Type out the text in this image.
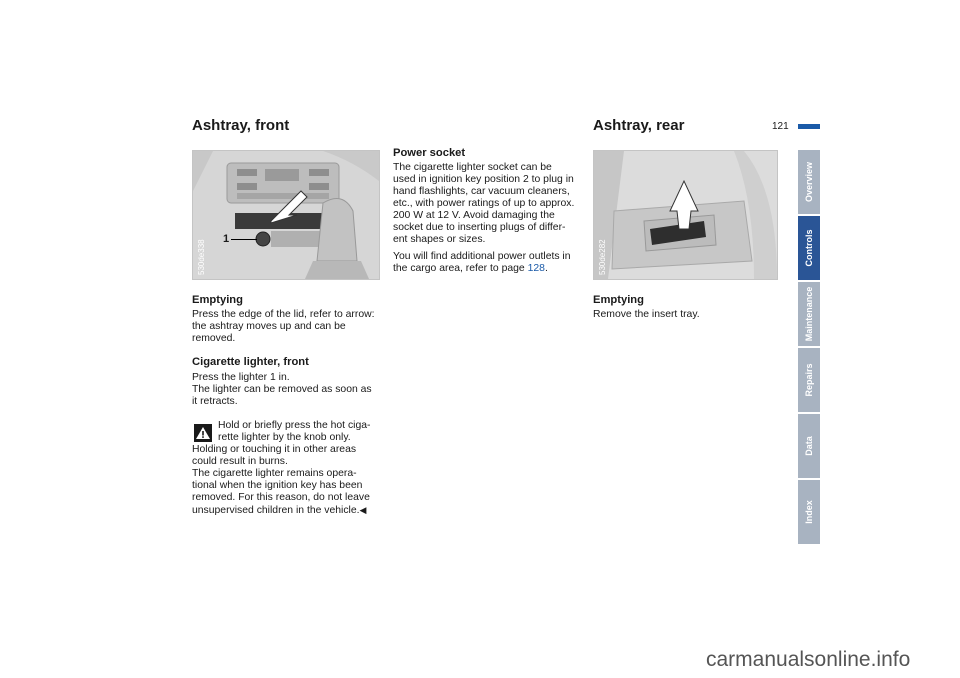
121
Ashtray, front
1
530de338
Emptying

Press the edge of the lid, refer to arrow:

the ashtray moves up and can be

removed.

Cigarette lighter, front

Press the lighter 1 in.

The lighter can be removed as soon as

it retracts.

Hold or briefly press the hot ciga-

rette lighter by the knob only.

Holding or touching it in other areas

could result in burns.

The cigarette lighter remains opera-

tional when the ignition key has been

removed. For this reason, do not leave

unsupervised children in the vehicle.◀

Power socket

The cigarette lighter socket can be

used in ignition key position 2 to plug in

hand flashlights, car vacuum cleaners,

etc., with power ratings of up to approx.

200 W at 12 V. Avoid damaging the

socket due to inserting plugs of differ-

ent shapes or sizes.

You will find additional power outlets in

the cargo area, refer to page 128.

Ashtray, rear
530de282
Emptying

Remove the insert tray.

Overview
Controls
Maintenance
Repairs
Data
Index
carmanualsonline.info
